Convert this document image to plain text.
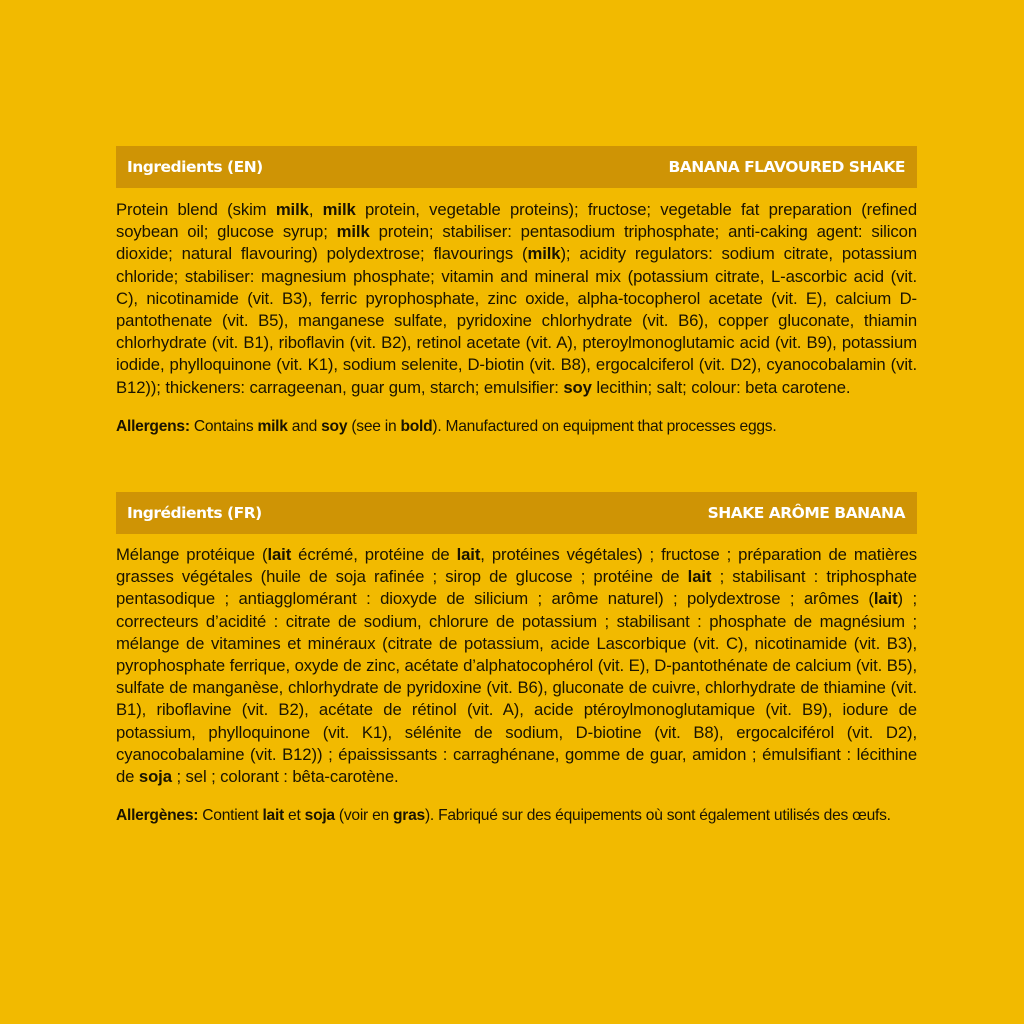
Ingredients (EN)	BANANA FLAVOURED SHAKE

Protein blend (skim milk, milk protein, vegetable proteins); fructose; vegetable fat preparation (refined soybean oil; glucose syrup; milk protein; stabiliser: pentasodium triphosphate; anti-caking agent: silicon dioxide; natural flavouring) polydextrose; flavourings (milk); acidity regulators: sodium citrate, potassium chloride; stabiliser: magnesium phosphate; vitamin and mineral mix (potassium citrate, L-ascorbic acid (vit. C), nicotinamide (vit. B3), ferric pyrophosphate, zinc oxide, alpha-tocopherol acetate (vit. E), calcium D-pantothenate (vit. B5), manganese sulfate, pyridoxine chlorhydrate (vit. B6), copper gluconate, thiamin chlorhydrate (vit. B1), riboflavin (vit. B2), retinol acetate (vit. A), pteroylmonoglutamic acid (vit. B9), potassium iodide, phylloquinone (vit. K1), sodium selenite, D-biotin (vit. B8), ergocalciferol (vit. D2), cyanocobalamin (vit. B12)); thickeners: carrageenan, guar gum, starch; emulsifier: soy lecithin; salt; colour: beta carotene.

Allergens: Contains milk and soy (see in bold). Manufactured on equipment that processes eggs.

Ingrédients (FR)	SHAKE ARÔME BANANA

Mélange protéique (lait écrémé, protéine de lait, protéines végétales) ; fructose ; préparation de matières grasses végétales (huile de soja rafinée ; sirop de glucose ; protéine de lait ; stabilisant : triphosphate pentasodique ; antiagglomérant : dioxyde de silicium ; arôme naturel) ; polydextrose ; arômes (lait) ; correcteurs d’acidité : citrate de sodium, chlorure de potassium ; stabilisant : phosphate de magnésium ; mélange de vitamines et minéraux (citrate de potassium, acide Lascorbique (vit. C), nicotinamide (vit. B3), pyrophosphate ferrique, oxyde de zinc, acétate d’alphatocophérol (vit. E), D-pantothénate de calcium (vit. B5), sulfate de manganèse, chlorhydrate de pyridoxine (vit. B6), gluconate de cuivre, chlorhydrate de thiamine (vit. B1), riboflavine (vit. B2), acétate de rétinol (vit. A), acide ptéroylmonoglutamique (vit. B9), iodure de potassium, phylloquinone (vit. K1), sélénite de sodium, D-biotine (vit. B8), ergocalciférol (vit. D2), cyanocobalamine (vit. B12)) ; épaississants : carraghénane, gomme de guar, amidon ; émulsifiant : lécithine de soja ; sel ; colorant : bêta-carotène.

Allergènes: Contient lait et soja (voir en gras). Fabriqué sur des équipements où sont également utilisés des œufs.
